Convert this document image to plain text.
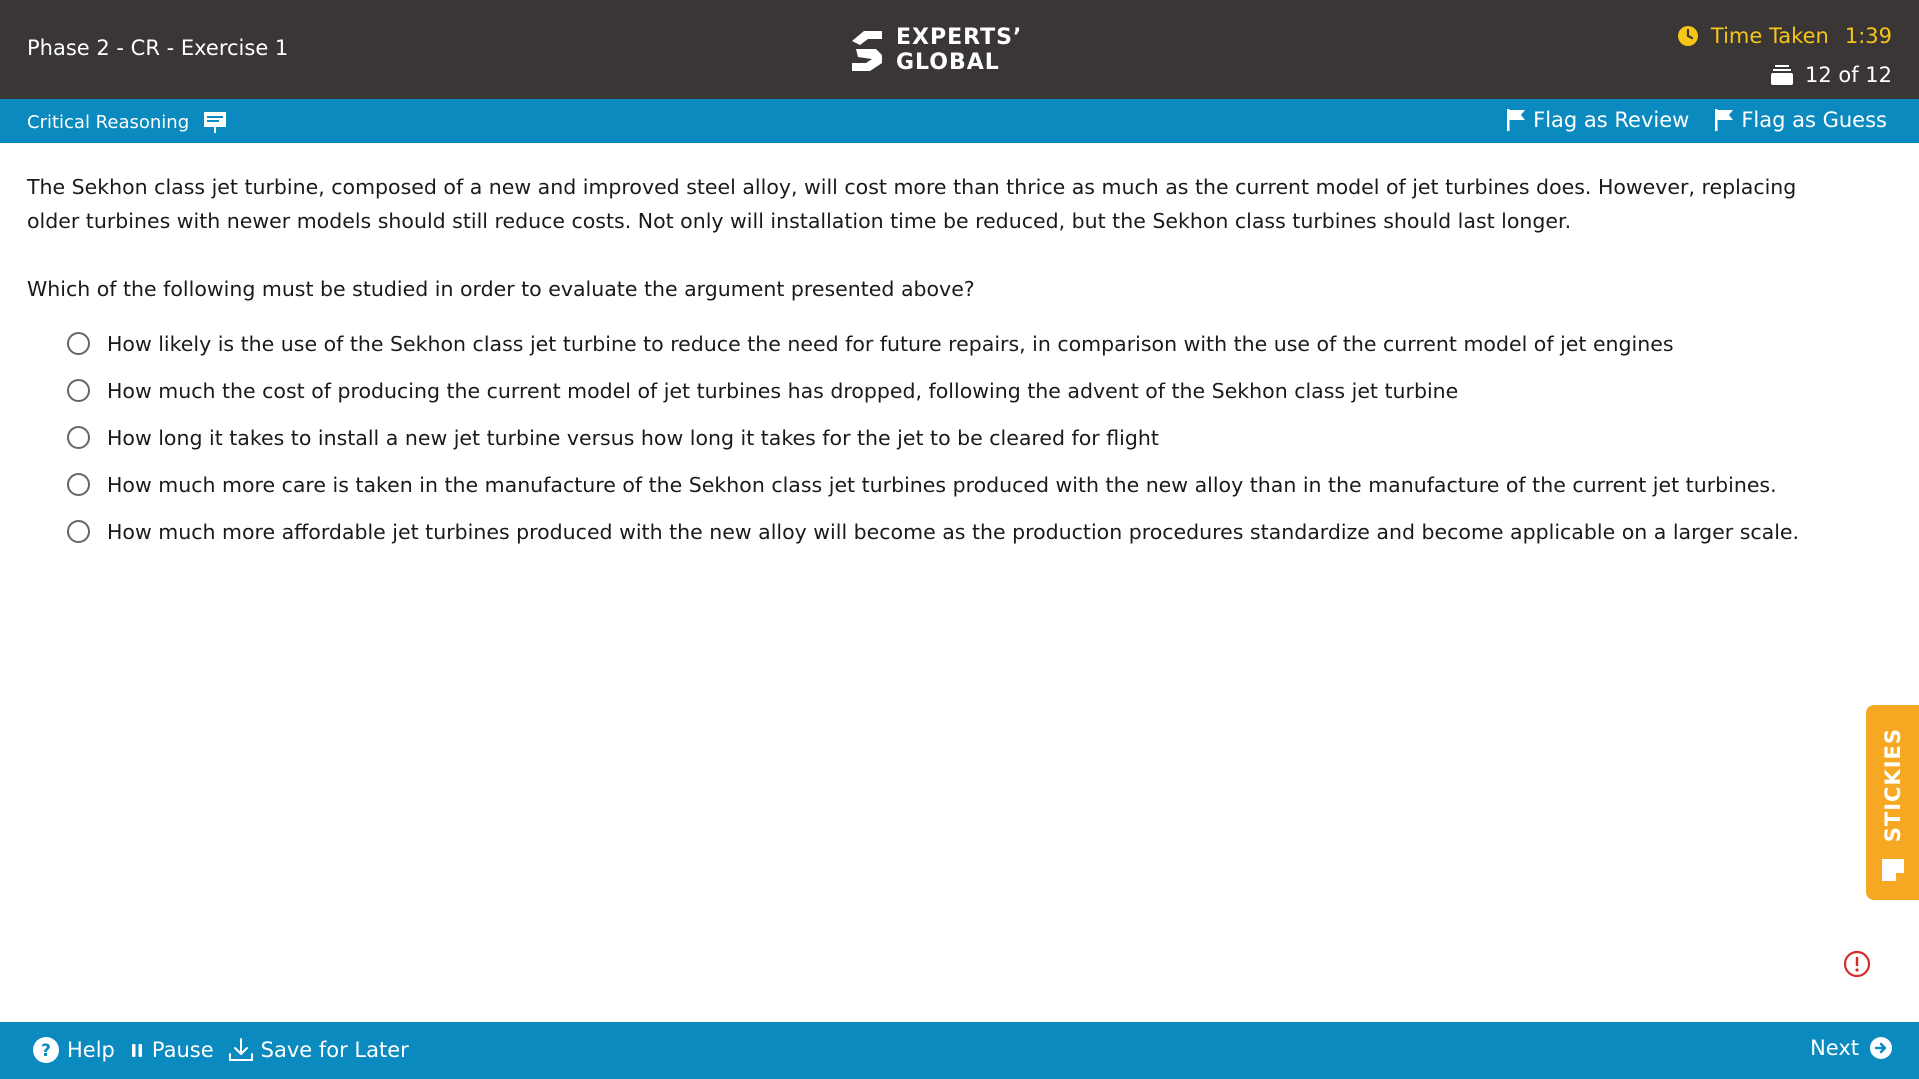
Phase 2 - CR - Exercise 1	EXPERTS’
GLOBAL
Time Taken 1:39
12 of 12
Critical Reasoning	Flag as Review Flag as Guess

The Sekhon class jet turbine, composed of a new and improved steel alloy, will cost more than thrice as much as the current model of jet turbines does. However, replacing older turbines with newer models should still reduce costs. Not only will installation time be reduced, but the Sekhon class turbines should last longer.

Which of the following must be studied in order to evaluate the argument presented above?

How likely is the use of the Sekhon class jet turbine to reduce the need for future repairs, in comparison with the use of the current model of jet engines
How much the cost of producing the current model of jet turbines has dropped, following the advent of the Sekhon class jet turbine
How long it takes to install a new jet turbine versus how long it takes for the jet to be cleared for flight
How much more care is taken in the manufacture of the Sekhon class jet turbines produced with the new alloy than in the manufacture of the current jet turbines.
How much more affordable jet turbines produced with the new alloy will become as the production procedures standardize and become applicable on a larger scale.
STICKIES
? Help Pause Save for Later	Next
